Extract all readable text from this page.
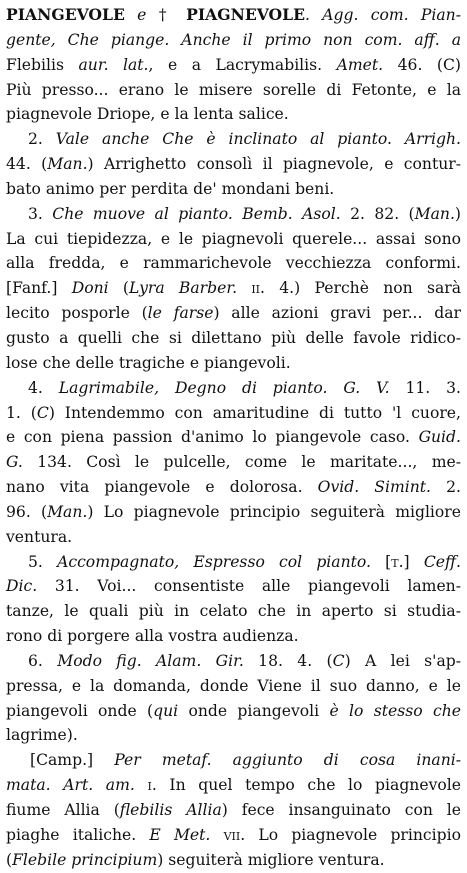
PIANGEVOLE e † PIAGNEVOLE. Agg. com. Pian-
gente, Che piange. Anche il primo non com. aff. a
Flebilis aur. lat., e a Lacrymabilis. Amet. 46. (C)
Più presso... erano le misere sorelle di Fetonte, e la
piagnevole Driope, e la lenta salice.
2. Vale anche Che è inclinato al pianto. Arrigh.
44. (Man.) Arrighetto consolì il piagnevole, e contur-
bato animo per perdita de' mondani beni.
3. Che muove al pianto. Bemb. Asol. 2. 82. (Man.)
La cui tiepidezza, e le piagnevoli querele... assai sono
alla fredda, e rammarichevole vecchiezza conformi.
[Fanf.] Doni (Lyra Barber. ii. 4.) Perchè non sarà
lecito posporle (le farse) alle azioni gravi per... dar
gusto a quelli che si dilettano più delle favole ridico-
lose che delle tragiche e piangevoli.
4. Lagrimabile, Degno di pianto. G. V. 11. 3.
1. (C) Intendemmo con amaritudine di tutto 'l cuore,
e con piena passion d'animo lo piangevole caso. Guid.
G. 134. Così le pulcelle, come le maritate..., me-
nano vita piangevole e dolorosa. Ovid. Simint. 2.
96. (Man.) Lo piagnevole principio seguiterà migliore
ventura.
5. Accompagnato, Espresso col pianto. [t.] Ceff.
Dic. 31. Voi... consentiste alle piangevoli lamen-
tanze, le quali più in celato che in aperto si studia-
rono di porgere alla vostra audienza.
6. Modo fig. Alam. Gir. 18. 4. (C) A lei s'ap-
pressa, e la domanda, donde Viene il suo danno, e le
piangevoli onde (qui onde piangevoli è lo stesso che
lagrime).
[Camp.] Per metaf. aggiunto di cosa inani-
mata. Art. am. i. In quel tempo che lo piagnevole
fiume Allia (flebilis Allia) fece insanguinato con le
piaghe italiche. E Met. vii. Lo piagnevole principio
(Flebile principium) seguiterà migliore ventura.
